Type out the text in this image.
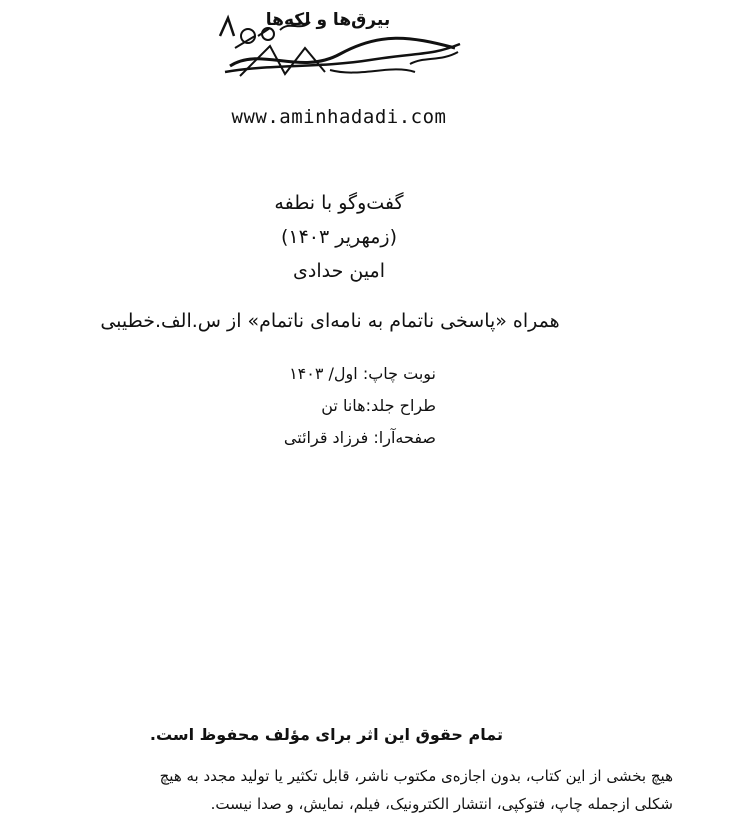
بیرق‌ها و لکه‌ها
www.aminhadadi.com
گفت‌وگو با نطفه
(زمهریر ۱۴۰۳)
امین حدادی
همراه «پاسخی ناتمام به نامه‌ای ناتمام» از س.الف.خطیبی
نوبت چاپ: اول/ ۱۴۰۳
طراح جلد:هانا تن
صفحه‌آرا: فرزاد قرائتی
تمام حقوق این اثر برای مؤلف محفوظ است.
هیچ بخشی از این کتاب، بدون اجازه‌ی مکتوب ناشر، قابل تکثیر یا تولید مجدد به هیچ
شکلی ازجمله چاپ، فتوکپی، انتشار الکترونیک، فیلم، نمایش، و صدا نیست.
